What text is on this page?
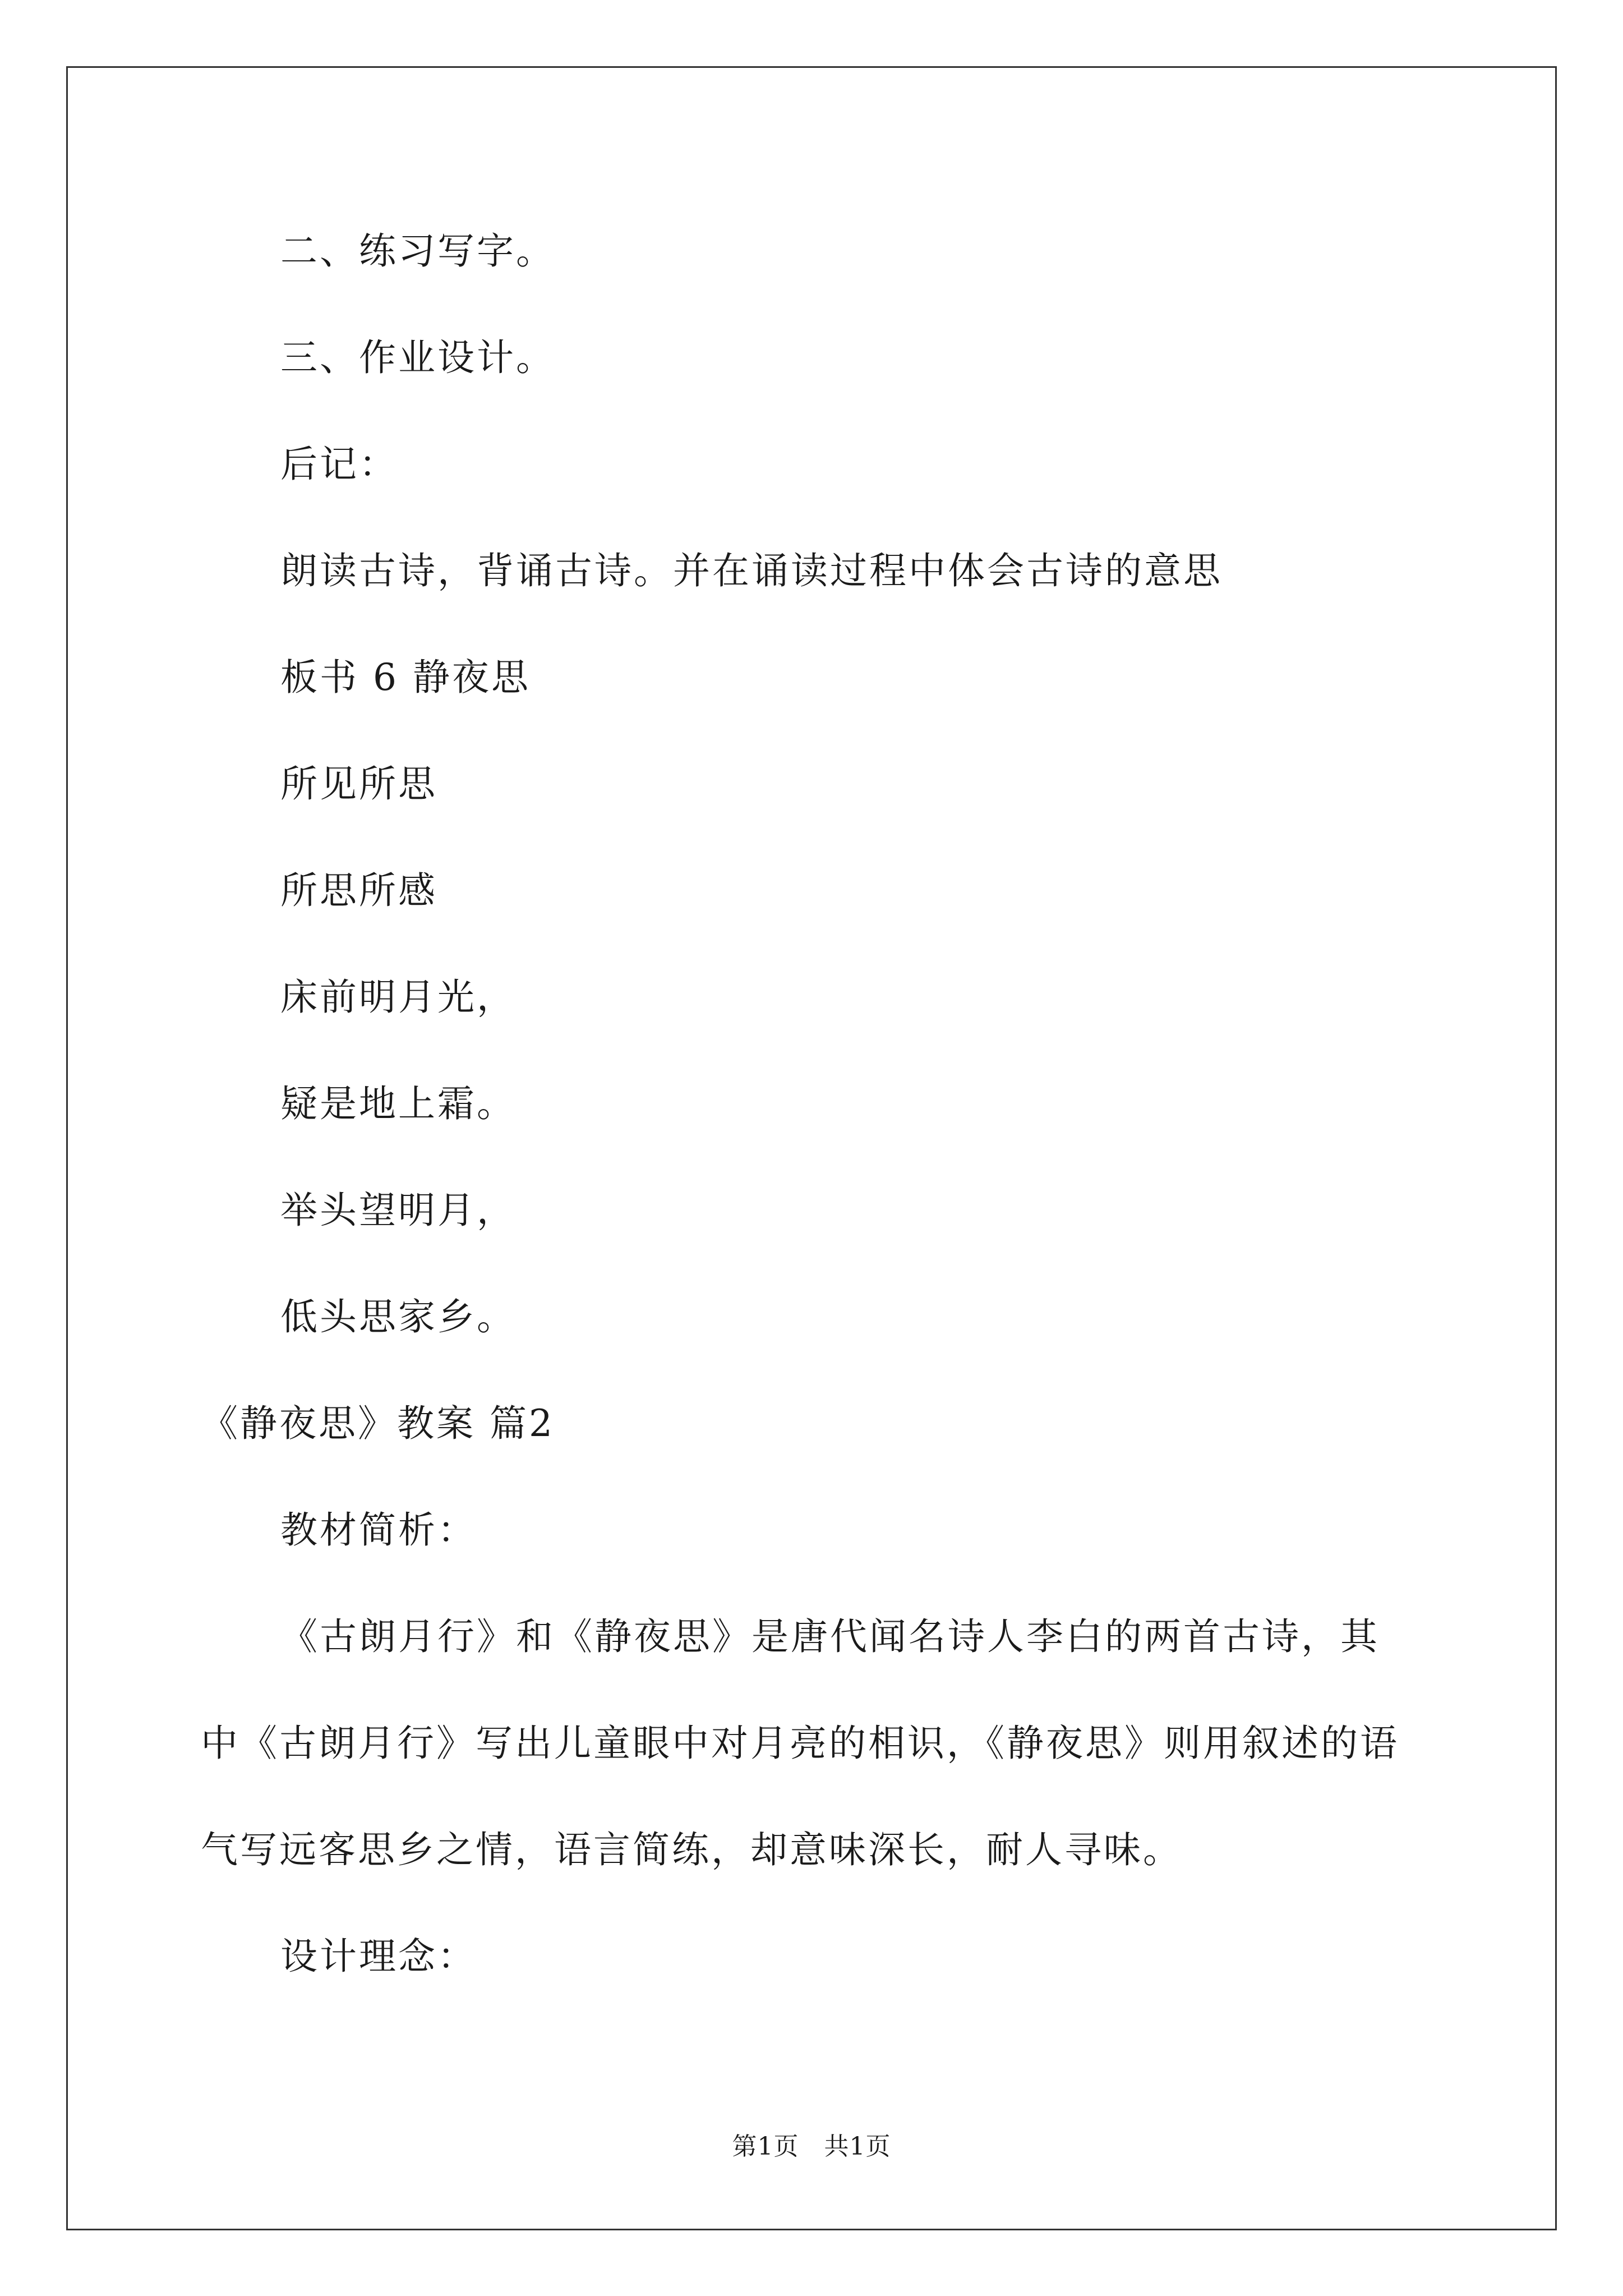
二、练习写字。
三、作业设计。
后记：
朗读古诗，背诵古诗。并在诵读过程中体会古诗的意思
板书 6 静夜思
所见所思
所思所感
床前明月光，
疑是地上霜。
举头望明月，
低头思家乡。
《静夜思》教案 篇2
教材简析：
《古朗月行》和《静夜思》是唐代闻名诗人李白的两首古诗，其
中《古朗月行》写出儿童眼中对月亮的相识，《静夜思》则用叙述的语
气写远客思乡之情，语言简练，却意味深长，耐人寻味。
设计理念：
第1页　共1页
